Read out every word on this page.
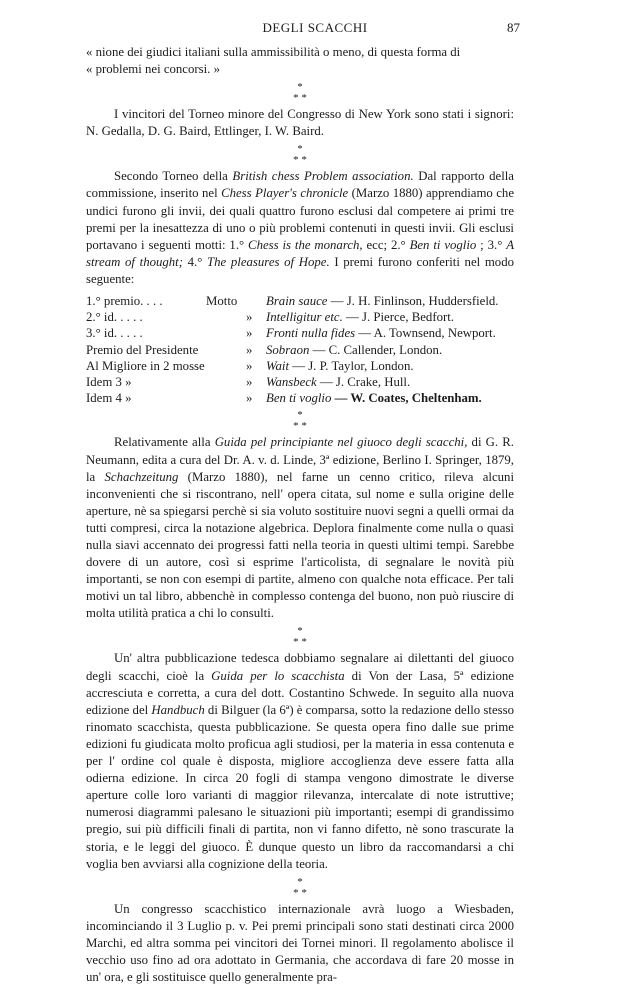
DEGLI SCACCHI	87

« nione dei giudici italiani sulla ammissibilità o meno, di questa forma di
« problemi nei concorsi. »

*
* *

I vincitori del Torneo minore del Congresso di New York sono stati i signori: N. Gedalla, D. G. Baird, Ettlinger, I. W. Baird.

*
* *

Secondo Torneo della British chess Problem association. Dal rapporto della commissione, inserito nel Chess Player's chronicle (Marzo 1880) apprendiamo che undici furono gli invii, dei quali quattro furono esclusi dal competere ai primi tre premi per la inesattezza di uno o più problemi contenuti in questi invii. Gli esclusi portavano i seguenti motti: 1.° Chess is the monarch, ecc; 2.° Ben ti voglio ; 3.° A stream of thought; 4.° The pleasures of Hope. I premi furono conferiti nel modo seguente:

1.° premio. . . .	Motto	Brain sauce — J. H. Finlinson, Huddersfield.
2.° id. . . . .	»	Intelligitur etc. — J. Pierce, Bedfort.
3.° id. . . . .	»	Fronti nulla fides — A. Townsend, Newport.
Premio del Presidente	»	Sobraon — C. Callender, London.
Al Migliore in 2 mosse	»	Wait — J. P. Taylor, London.
Idem 3 »	»	Wansbeck — J. Crake, Hull.
Idem 4 »	»	Ben ti voglio — W. Coates, Cheltenham.
*
* *

Relativamente alla Guida pel principiante nel giuoco degli scacchi, di G. R. Neumann, edita a cura del Dr. A. v. d. Linde, 3ª edizione, Berlino I. Springer, 1879, la Schachzeitung (Marzo 1880), nel farne un cenno critico, rileva alcuni inconvenienti che si riscontrano, nell' opera citata, sul nome e sulla origine delle aperture, nè sa spiegarsi perchè si sia voluto sostituire nuovi segni a quelli ormai da tutti compresi, circa la notazione algebrica. Deplora finalmente come nulla o quasi nulla siavi accennato dei progressi fatti nella teoria in questi ultimi tempi. Sarebbe dovere di un autore, così si esprime l'articolista, di segnalare le novità più importanti, se non con esempi di partite, almeno con qualche nota efficace. Per tali motivi un tal libro, abbenchè in complesso contenga del buono, non può riuscire di molta utilità pratica a chi lo consulti.

*
* *

Un' altra pubblicazione tedesca dobbiamo segnalare ai dilettanti del giuoco degli scacchi, cioè la Guida per lo scacchista di Von der Lasa, 5ª edizione accresciuta e corretta, a cura del dott. Costantino Schwede. In seguito alla nuova edizione del Handbuch di Bilguer (la 6ª) è comparsa, sotto la redazione dello stesso rinomato scacchista, questa pubblicazione. Se questa opera fino dalle sue prime edizioni fu giudicata molto proficua agli studiosi, per la materia in essa contenuta e per l' ordine col quale è disposta, migliore accoglienza deve essere fatta alla odierna edizione. In circa 20 fogli di stampa vengono dimostrate le diverse aperture colle loro varianti di maggior rilevanza, intercalate di note istruttive; numerosi diagrammi palesano le situazioni più importanti; esempi di grandissimo pregio, sui più difficili finali di partita, non vi fanno difetto, nè sono trascurate la storia, e le leggi del giuoco. È dunque questo un libro da raccomandarsi a chi voglia ben avviarsi alla cognizione della teoria.

*
* *

Un congresso scacchistico internazionale avrà luogo a Wiesbaden, incominciando il 3 Luglio p. v. Pei premi principali sono stati destinati circa 2000 Marchi, ed altra somma pei vincitori dei Tornei minori. Il regolamento abolisce il vecchio uso fino ad ora adottato in Germania, che accordava di fare 20 mosse in un' ora, e gli sostituisce quello generalmente pra-
